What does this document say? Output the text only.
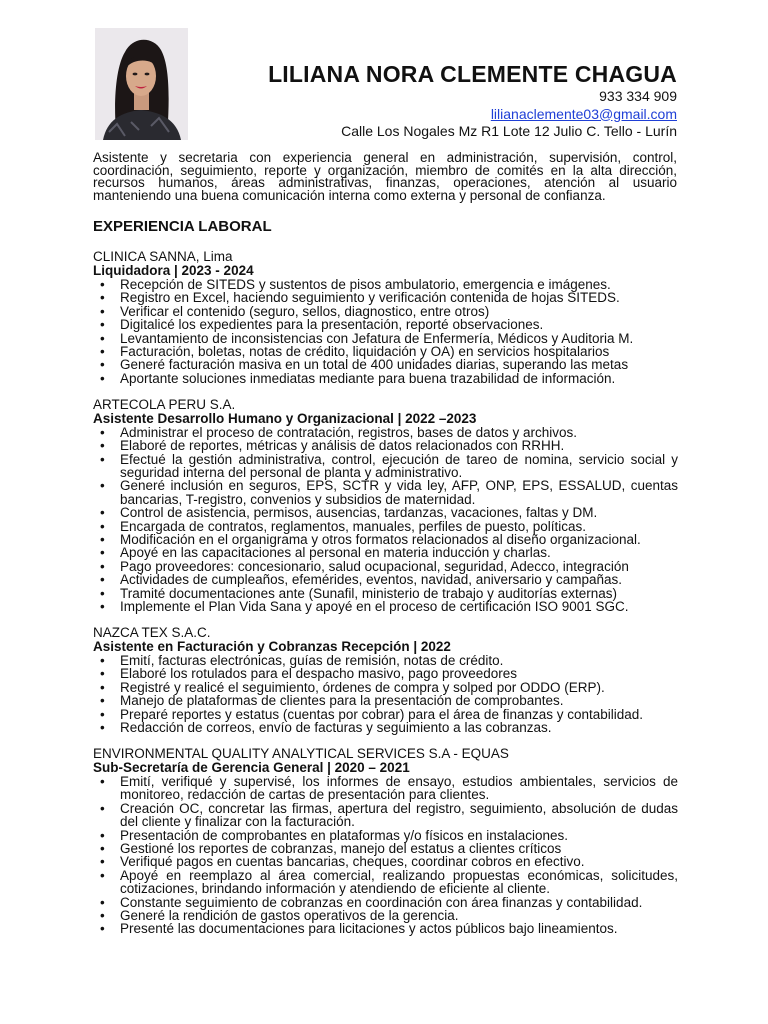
LILIANA NORA CLEMENTE CHAGUA
933 334 909
lilianaclemente03@gmail.com
Calle Los Nogales Mz R1 Lote 12 Julio C. Tello - Lurín
Asistente y secretaria con experiencia general en administración, supervisión, control, coordinación, seguimiento, reporte y organización, miembro de comités en la alta dirección, recursos humanos, áreas administrativas, finanzas, operaciones, atención al usuario manteniendo una buena comunicación interna como externa y personal de confianza.
EXPERIENCIA LABORAL
CLINICA SANNA, Lima
Liquidadora | 2023 - 2024
• Recepción de SITEDS y sustentos de pisos ambulatorio, emergencia e imágenes.
• Registro en Excel, haciendo seguimiento y verificación contenida de hojas SITEDS.
• Verificar el contenido (seguro, sellos, diagnostico, entre otros)
• Digitalicé los expedientes para la presentación, reporté observaciones.
• Levantamiento de inconsistencias con Jefatura de Enfermería, Médicos y Auditoria M.
• Facturación, boletas, notas de crédito, liquidación y OA) en servicios hospitalarios
• Generé facturación masiva en un total de 400 unidades diarias, superando las metas
• Aportante soluciones inmediatas mediante para buena trazabilidad de información.
ARTECOLA PERU S.A.
Asistente Desarrollo Humano y Organizacional | 2022 –2023
• Administrar el proceso de contratación, registros, bases de datos y archivos.
• Elaboré de reportes, métricas y análisis de datos relacionados con RRHH.
• Efectué la gestión administrativa, control, ejecución de tareo de nomina, servicio social y seguridad interna del personal de planta y administrativo.
• Generé inclusión en seguros, EPS, SCTR y vida ley, AFP, ONP, EPS, ESSALUD, cuentas bancarias, T-registro, convenios y subsidios de maternidad.
• Control de asistencia, permisos, ausencias, tardanzas, vacaciones, faltas y DM.
• Encargada de contratos, reglamentos, manuales, perfiles de puesto, políticas.
• Modificación en el organigrama y otros formatos relacionados al diseño organizacional.
• Apoyé en las capacitaciones al personal en materia inducción y charlas.
• Pago proveedores: concesionario, salud ocupacional, seguridad, Adecco, integración
• Actividades de cumpleaños, efemérides, eventos, navidad, aniversario y campañas.
• Tramité documentaciones ante (Sunafil, ministerio de trabajo y auditorías externas)
• Implemente el Plan Vida Sana y apoyé en el proceso de certificación ISO 9001 SGC.
NAZCA TEX S.A.C.
Asistente en Facturación y Cobranzas Recepción | 2022
• Emití, facturas electrónicas, guías de remisión, notas de crédito.
• Elaboré los rotulados para el despacho masivo, pago proveedores
• Registré y realicé el seguimiento, órdenes de compra y solped por ODDO (ERP).
• Manejo de plataformas de clientes para la presentación de comprobantes.
• Preparé reportes y estatus (cuentas por cobrar) para el área de finanzas y contabilidad.
• Redacción de correos, envío de facturas y seguimiento a las cobranzas.
ENVIRONMENTAL QUALITY ANALYTICAL SERVICES S.A - EQUAS
Sub-Secretaría de Gerencia General | 2020 – 2021
• Emití, verifiqué y supervisé, los informes de ensayo, estudios ambientales, servicios de monitoreo, redacción de cartas de presentación para clientes.
• Creación OC, concretar las firmas, apertura del registro, seguimiento, absolución de dudas del cliente y finalizar con la facturación.
• Presentación de comprobantes en plataformas y/o físicos en instalaciones.
• Gestioné los reportes de cobranzas, manejo del estatus a clientes críticos
• Verifiqué pagos en cuentas bancarias, cheques, coordinar cobros en efectivo.
• Apoyé en reemplazo al área comercial, realizando propuestas económicas, solicitudes, cotizaciones, brindando información y atendiendo de eficiente al cliente.
• Constante seguimiento de cobranzas en coordinación con área finanzas y contabilidad.
• Generé la rendición de gastos operativos de la gerencia.
• Presenté las documentaciones para licitaciones y actos públicos bajo lineamientos.
